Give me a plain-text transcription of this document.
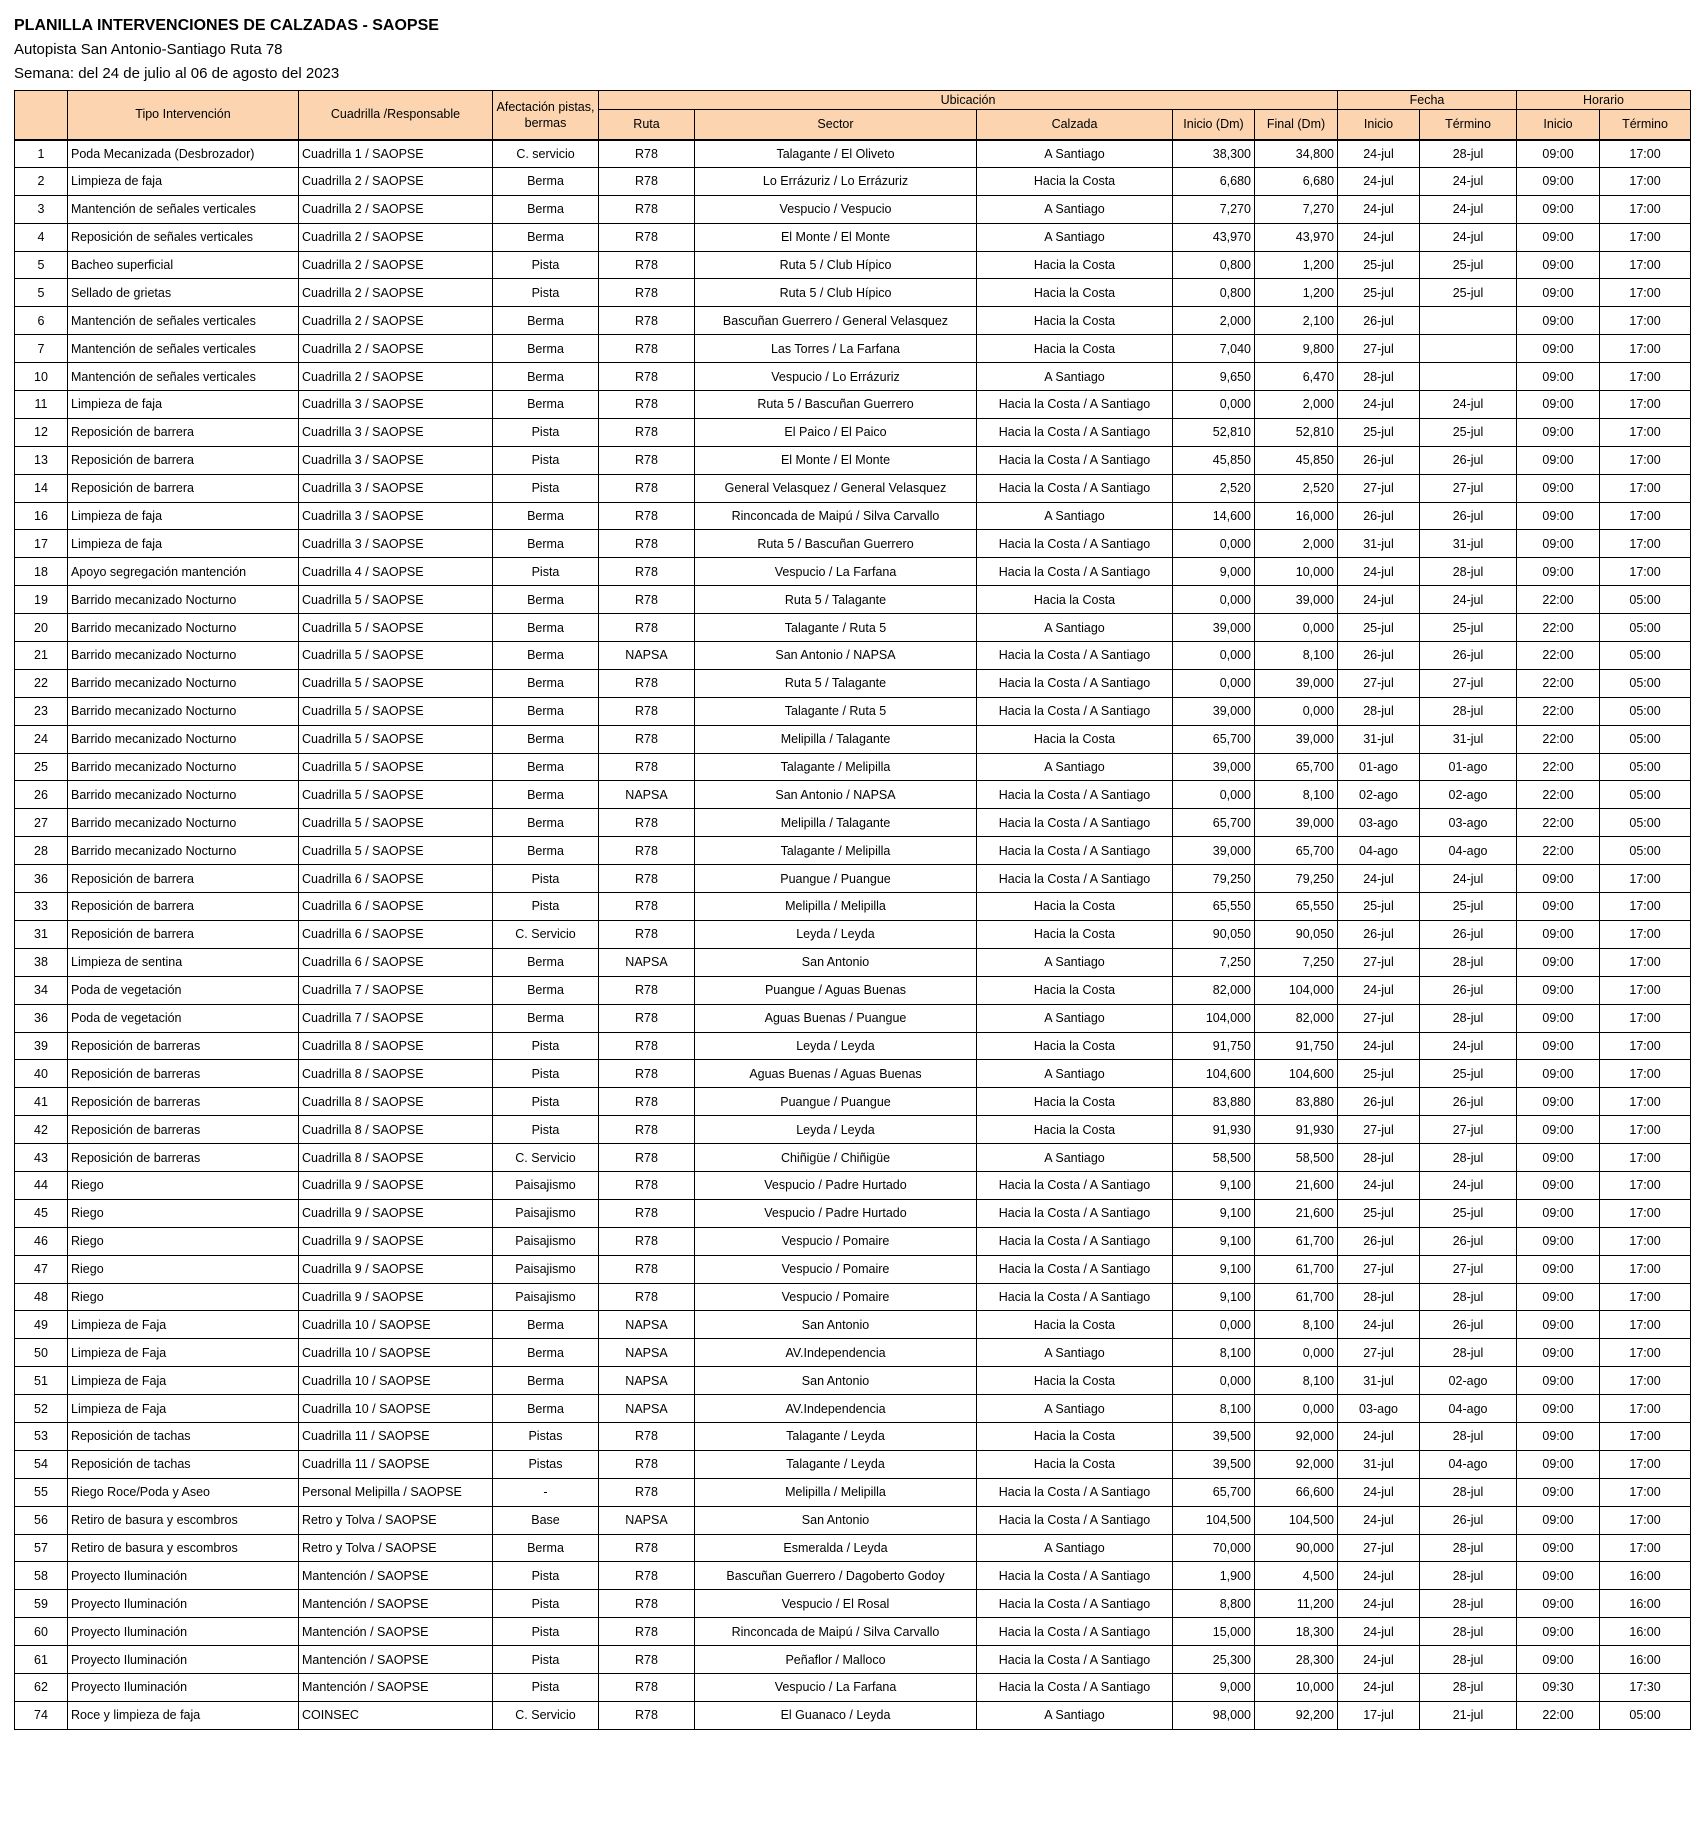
PLANILLA INTERVENCIONES DE CALZADAS - SAOPSE
Autopista San Antonio-Santiago Ruta 78
Semana: del 24 de julio al 06 de agosto del 2023
	Tipo Intervención	Cuadrilla /Responsable	Afectación pistas, bermas	Ubicación					Fecha		Horario	
				Ruta	Sector	Calzada	Inicio (Dm)	Final (Dm)	Inicio	Término	Inicio	Término
1	Poda Mecanizada (Desbrozador)	Cuadrilla 1 / SAOPSE	C. servicio	R78	Talagante / El Oliveto	A Santiago	38,300	34,800	24-jul	28-jul	09:00	17:00
2	Limpieza de faja	Cuadrilla 2 / SAOPSE	Berma	R78	Lo Errázuriz / Lo Errázuriz	Hacia la Costa	6,680	6,680	24-jul	24-jul	09:00	17:00
3	Mantención de señales verticales	Cuadrilla 2 / SAOPSE	Berma	R78	Vespucio / Vespucio	A Santiago	7,270	7,270	24-jul	24-jul	09:00	17:00
4	Reposición de señales verticales	Cuadrilla 2 / SAOPSE	Berma	R78	El Monte / El Monte	A Santiago	43,970	43,970	24-jul	24-jul	09:00	17:00
5	Bacheo superficial	Cuadrilla 2 / SAOPSE	Pista	R78	Ruta 5 / Club Hípico	Hacia la Costa	0,800	1,200	25-jul	25-jul	09:00	17:00
5	Sellado de grietas	Cuadrilla 2 / SAOPSE	Pista	R78	Ruta 5 / Club Hípico	Hacia la Costa	0,800	1,200	25-jul	25-jul	09:00	17:00
6	Mantención de señales verticales	Cuadrilla 2 / SAOPSE	Berma	R78	Bascuñan Guerrero / General Velasquez	Hacia la Costa	2,000	2,100	26-jul		09:00	17:00
7	Mantención de señales verticales	Cuadrilla 2 / SAOPSE	Berma	R78	Las Torres / La Farfana	Hacia la Costa	7,040	9,800	27-jul		09:00	17:00
10	Mantención de señales verticales	Cuadrilla 2 / SAOPSE	Berma	R78	Vespucio / Lo Errázuriz	A Santiago	9,650	6,470	28-jul		09:00	17:00
11	Limpieza de faja	Cuadrilla 3 / SAOPSE	Berma	R78	Ruta 5 / Bascuñan Guerrero	Hacia la Costa / A Santiago	0,000	2,000	24-jul	24-jul	09:00	17:00
12	Reposición de barrera	Cuadrilla 3 / SAOPSE	Pista	R78	El Paico / El Paico	Hacia la Costa / A Santiago	52,810	52,810	25-jul	25-jul	09:00	17:00
13	Reposición de barrera	Cuadrilla 3 / SAOPSE	Pista	R78	El Monte / El Monte	Hacia la Costa / A Santiago	45,850	45,850	26-jul	26-jul	09:00	17:00
14	Reposición de barrera	Cuadrilla 3 / SAOPSE	Pista	R78	General Velasquez / General Velasquez	Hacia la Costa / A Santiago	2,520	2,520	27-jul	27-jul	09:00	17:00
16	Limpieza de faja	Cuadrilla 3 / SAOPSE	Berma	R78	Rinconcada de Maipú / Silva Carvallo	A Santiago	14,600	16,000	26-jul	26-jul	09:00	17:00
17	Limpieza de faja	Cuadrilla 3 / SAOPSE	Berma	R78	Ruta 5 / Bascuñan Guerrero	Hacia la Costa / A Santiago	0,000	2,000	31-jul	31-jul	09:00	17:00
18	Apoyo segregación mantención	Cuadrilla 4 / SAOPSE	Pista	R78	Vespucio / La Farfana	Hacia la Costa / A Santiago	9,000	10,000	24-jul	28-jul	09:00	17:00
19	Barrido mecanizado Nocturno	Cuadrilla 5 / SAOPSE	Berma	R78	Ruta 5 / Talagante	Hacia la Costa	0,000	39,000	24-jul	24-jul	22:00	05:00
20	Barrido mecanizado Nocturno	Cuadrilla 5 / SAOPSE	Berma	R78	Talagante / Ruta 5	A Santiago	39,000	0,000	25-jul	25-jul	22:00	05:00
21	Barrido mecanizado Nocturno	Cuadrilla 5 / SAOPSE	Berma	NAPSA	San Antonio / NAPSA	Hacia la Costa / A Santiago	0,000	8,100	26-jul	26-jul	22:00	05:00
22	Barrido mecanizado Nocturno	Cuadrilla 5 / SAOPSE	Berma	R78	Ruta 5 / Talagante	Hacia la Costa / A Santiago	0,000	39,000	27-jul	27-jul	22:00	05:00
23	Barrido mecanizado Nocturno	Cuadrilla 5 / SAOPSE	Berma	R78	Talagante / Ruta 5	Hacia la Costa / A Santiago	39,000	0,000	28-jul	28-jul	22:00	05:00
24	Barrido mecanizado Nocturno	Cuadrilla 5 / SAOPSE	Berma	R78	Melipilla / Talagante	Hacia la Costa	65,700	39,000	31-jul	31-jul	22:00	05:00
25	Barrido mecanizado Nocturno	Cuadrilla 5 / SAOPSE	Berma	R78	Talagante / Melipilla	A Santiago	39,000	65,700	01-ago	01-ago	22:00	05:00
26	Barrido mecanizado Nocturno	Cuadrilla 5 / SAOPSE	Berma	NAPSA	San Antonio / NAPSA	Hacia la Costa / A Santiago	0,000	8,100	02-ago	02-ago	22:00	05:00
27	Barrido mecanizado Nocturno	Cuadrilla 5 / SAOPSE	Berma	R78	Melipilla / Talagante	Hacia la Costa / A Santiago	65,700	39,000	03-ago	03-ago	22:00	05:00
28	Barrido mecanizado Nocturno	Cuadrilla 5 / SAOPSE	Berma	R78	Talagante / Melipilla	Hacia la Costa / A Santiago	39,000	65,700	04-ago	04-ago	22:00	05:00
36	Reposición de barrera	Cuadrilla 6 / SAOPSE	Pista	R78	Puangue / Puangue	Hacia la Costa / A Santiago	79,250	79,250	24-jul	24-jul	09:00	17:00
33	Reposición de barrera	Cuadrilla 6 / SAOPSE	Pista	R78	Melipilla / Melipilla	Hacia la Costa	65,550	65,550	25-jul	25-jul	09:00	17:00
31	Reposición de barrera	Cuadrilla 6 / SAOPSE	C. Servicio	R78	Leyda / Leyda	Hacia la Costa	90,050	90,050	26-jul	26-jul	09:00	17:00
38	Limpieza de sentina	Cuadrilla 6 / SAOPSE	Berma	NAPSA	San Antonio	A Santiago	7,250	7,250	27-jul	28-jul	09:00	17:00
34	Poda de vegetación	Cuadrilla 7 / SAOPSE	Berma	R78	Puangue / Aguas Buenas	Hacia la Costa	82,000	104,000	24-jul	26-jul	09:00	17:00
36	Poda de vegetación	Cuadrilla 7 / SAOPSE	Berma	R78	Aguas Buenas / Puangue	A Santiago	104,000	82,000	27-jul	28-jul	09:00	17:00
39	Reposición de barreras	Cuadrilla 8 / SAOPSE	Pista	R78	Leyda / Leyda	Hacia la Costa	91,750	91,750	24-jul	24-jul	09:00	17:00
40	Reposición de barreras	Cuadrilla 8 / SAOPSE	Pista	R78	Aguas Buenas / Aguas Buenas	A Santiago	104,600	104,600	25-jul	25-jul	09:00	17:00
41	Reposición de barreras	Cuadrilla 8 / SAOPSE	Pista	R78	Puangue / Puangue	Hacia la Costa	83,880	83,880	26-jul	26-jul	09:00	17:00
42	Reposición de barreras	Cuadrilla 8 / SAOPSE	Pista	R78	Leyda / Leyda	Hacia la Costa	91,930	91,930	27-jul	27-jul	09:00	17:00
43	Reposición de barreras	Cuadrilla 8 / SAOPSE	C. Servicio	R78	Chiñigüe / Chiñigüe	A Santiago	58,500	58,500	28-jul	28-jul	09:00	17:00
44	Riego	Cuadrilla 9 / SAOPSE	Paisajismo	R78	Vespucio / Padre Hurtado	Hacia la Costa / A Santiago	9,100	21,600	24-jul	24-jul	09:00	17:00
45	Riego	Cuadrilla 9 / SAOPSE	Paisajismo	R78	Vespucio / Padre Hurtado	Hacia la Costa / A Santiago	9,100	21,600	25-jul	25-jul	09:00	17:00
46	Riego	Cuadrilla 9 / SAOPSE	Paisajismo	R78	Vespucio / Pomaire	Hacia la Costa / A Santiago	9,100	61,700	26-jul	26-jul	09:00	17:00
47	Riego	Cuadrilla 9 / SAOPSE	Paisajismo	R78	Vespucio / Pomaire	Hacia la Costa / A Santiago	9,100	61,700	27-jul	27-jul	09:00	17:00
48	Riego	Cuadrilla 9 / SAOPSE	Paisajismo	R78	Vespucio / Pomaire	Hacia la Costa / A Santiago	9,100	61,700	28-jul	28-jul	09:00	17:00
49	Limpieza de Faja	Cuadrilla 10 / SAOPSE	Berma	NAPSA	San Antonio	Hacia la Costa	0,000	8,100	24-jul	26-jul	09:00	17:00
50	Limpieza de Faja	Cuadrilla 10 / SAOPSE	Berma	NAPSA	AV.Independencia	A Santiago	8,100	0,000	27-jul	28-jul	09:00	17:00
51	Limpieza de Faja	Cuadrilla 10 / SAOPSE	Berma	NAPSA	San Antonio	Hacia la Costa	0,000	8,100	31-jul	02-ago	09:00	17:00
52	Limpieza de Faja	Cuadrilla 10 / SAOPSE	Berma	NAPSA	AV.Independencia	A Santiago	8,100	0,000	03-ago	04-ago	09:00	17:00
53	Reposición de tachas	Cuadrilla 11 / SAOPSE	Pistas	R78	Talagante / Leyda	Hacia la Costa	39,500	92,000	24-jul	28-jul	09:00	17:00
54	Reposición de tachas	Cuadrilla 11 / SAOPSE	Pistas	R78	Talagante / Leyda	Hacia la Costa	39,500	92,000	31-jul	04-ago	09:00	17:00
55	Riego Roce/Poda y Aseo	Personal Melipilla / SAOPSE	-	R78	Melipilla / Melipilla	Hacia la Costa / A Santiago	65,700	66,600	24-jul	28-jul	09:00	17:00
56	Retiro de basura y escombros	Retro y Tolva / SAOPSE	Base	NAPSA	San Antonio	Hacia la Costa / A Santiago	104,500	104,500	24-jul	26-jul	09:00	17:00
57	Retiro de basura y escombros	Retro y Tolva / SAOPSE	Berma	R78	Esmeralda / Leyda	A Santiago	70,000	90,000	27-jul	28-jul	09:00	17:00
58	Proyecto Iluminación	Mantención / SAOPSE	Pista	R78	Bascuñan Guerrero / Dagoberto Godoy	Hacia la Costa / A Santiago	1,900	4,500	24-jul	28-jul	09:00	16:00
59	Proyecto Iluminación	Mantención / SAOPSE	Pista	R78	Vespucio / El Rosal	Hacia la Costa / A Santiago	8,800	11,200	24-jul	28-jul	09:00	16:00
60	Proyecto Iluminación	Mantención / SAOPSE	Pista	R78	Rinconcada de Maipú / Silva Carvallo	Hacia la Costa / A Santiago	15,000	18,300	24-jul	28-jul	09:00	16:00
61	Proyecto Iluminación	Mantención / SAOPSE	Pista	R78	Peñaflor / Malloco	Hacia la Costa / A Santiago	25,300	28,300	24-jul	28-jul	09:00	16:00
62	Proyecto Iluminación	Mantención / SAOPSE	Pista	R78	Vespucio / La Farfana	Hacia la Costa / A Santiago	9,000	10,000	24-jul	28-jul	09:30	17:30
74	Roce y limpieza de faja	COINSEC	C. Servicio	R78	El Guanaco / Leyda	A Santiago	98,000	92,200	17-jul	21-jul	22:00	05:00
